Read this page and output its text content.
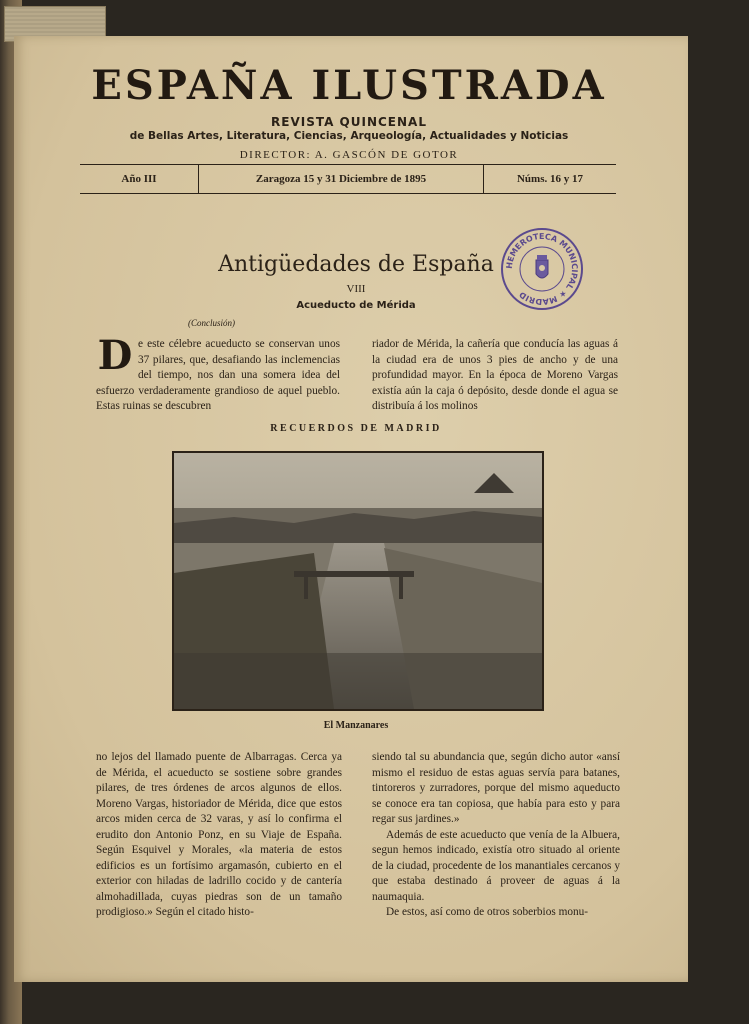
ESPAÑA ILUSTRADA
REVISTA QUINCENAL
de Bellas Artes, Literatura, Ciencias, Arqueología, Actualidades y Noticias
DIRECTOR: A. GASCÓN DE GOTOR
Año III	Zaragoza 15 y 31 Diciembre de 1895	Núms. 16 y 17
HEMEROTECA MUNICIPAL ★ MADRID
Antigüedades de España
VIII
Acueducto de Mérida
(Conclusión)

De este célebre acueducto se conservan unos 37 pilares, que, desafiando las inclemencias del tiempo, nos dan una somera idea del esfuerzo verdaderamente grandioso de aquel pueblo. Estas ruinas se descubren

riador de Mérida, la cañería que conducía las aguas á la ciudad era de unos 3 pies de ancho y de una profundidad mayor. En la época de Moreno Vargas existía aún la caja ó depósito, desde donde el agua se distribuía á los molinos

RECUERDOS DE MADRID
El Manzanares

no lejos del llamado puente de Albarragas. Cerca ya de Mérida, el acueducto se sostiene sobre grandes pilares, de tres órdenes de arcos algunos de ellos. Moreno Vargas, historiador de Mérida, dice que estos arcos miden cerca de 32 varas, y así lo confirma el erudito don Antonio Ponz, en su Viaje de España. Según Esquivel y Morales, «la materia de estos edificios es un fortísimo argamasón, cubierto en el exterior con hiladas de ladrillo cocido y de cantería almohadillada, cuyas piedras son de un tamaño prodigioso.» Según el citado histo-

siendo tal su abundancia que, según dicho autor «ansí mismo el residuo de estas aguas servía para batanes, tintoreros y zurradores, porque del mismo aqueducto se conoce era tan copiosa, que había para esto y para regar sus jardines.»

Además de este acueducto que venía de la Albuera, segun hemos indicado, existía otro situado al oriente de la ciudad, procedente de los manantiales cercanos y que estaba destinado á proveer de aguas á la naumaquia.

De estos, así como de otros soberbios monu-
